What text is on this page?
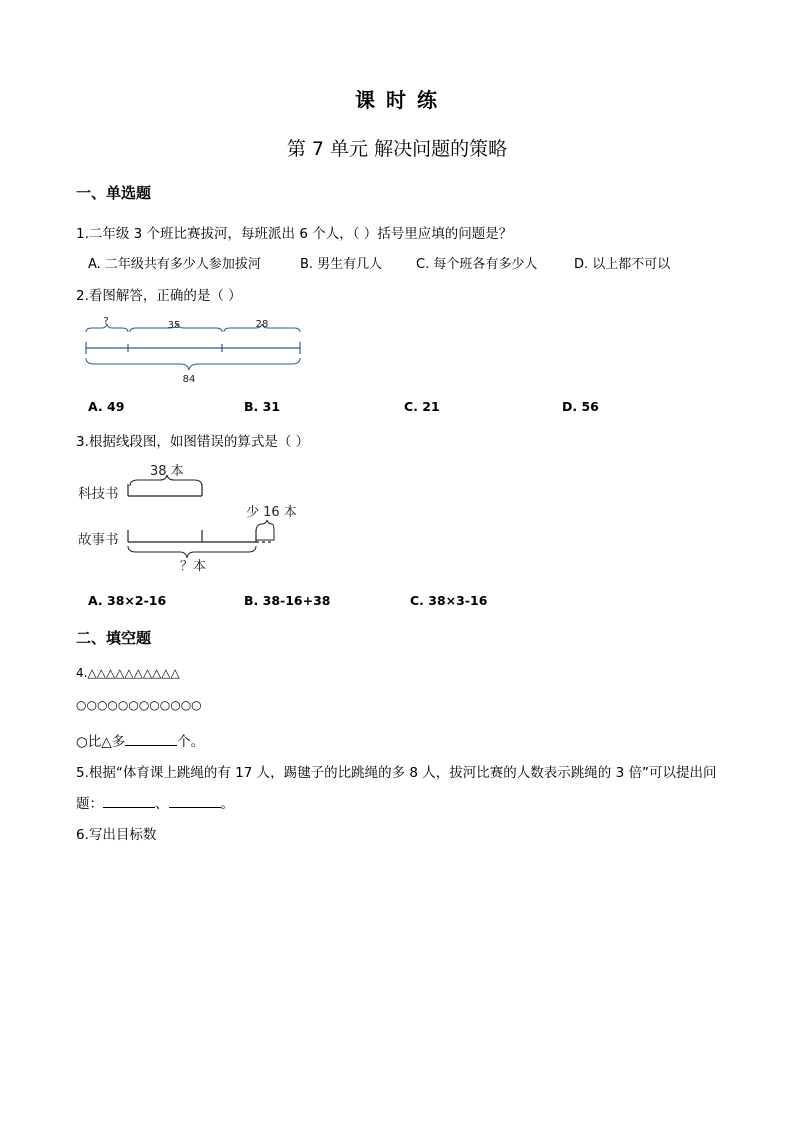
课 时 练
第 7 单元 解决问题的策略
一、单选题
1.二年级 3 个班比赛拔河，每班派出 6 个人，（ ）括号里应填的问题是？
A. 二年级共有多少人参加拔河	B. 男生有几人	C. 每个班各有多少人	D. 以上都不可以
2.看图解答，正确的是（ ）
?	35	28
84
A. 49	B. 31	C. 21	D. 56
3.根据线段图，如图错误的算式是（ ）
38 本
科技书
少 16 本
故事书
？本
A. 38×2-16	B. 38-16+38	C. 38×3-16
二、填空题
4.△△△△△△△△△△
○○○○○○○○○○○○
○比△多	个。
5.根据“体育课上跳绳的有 17 人，踢毽子的比跳绳的多 8 人，拔河比赛的人数表示跳绳的 3 倍”可以提出问
题：	、	。
6.写出目标数
